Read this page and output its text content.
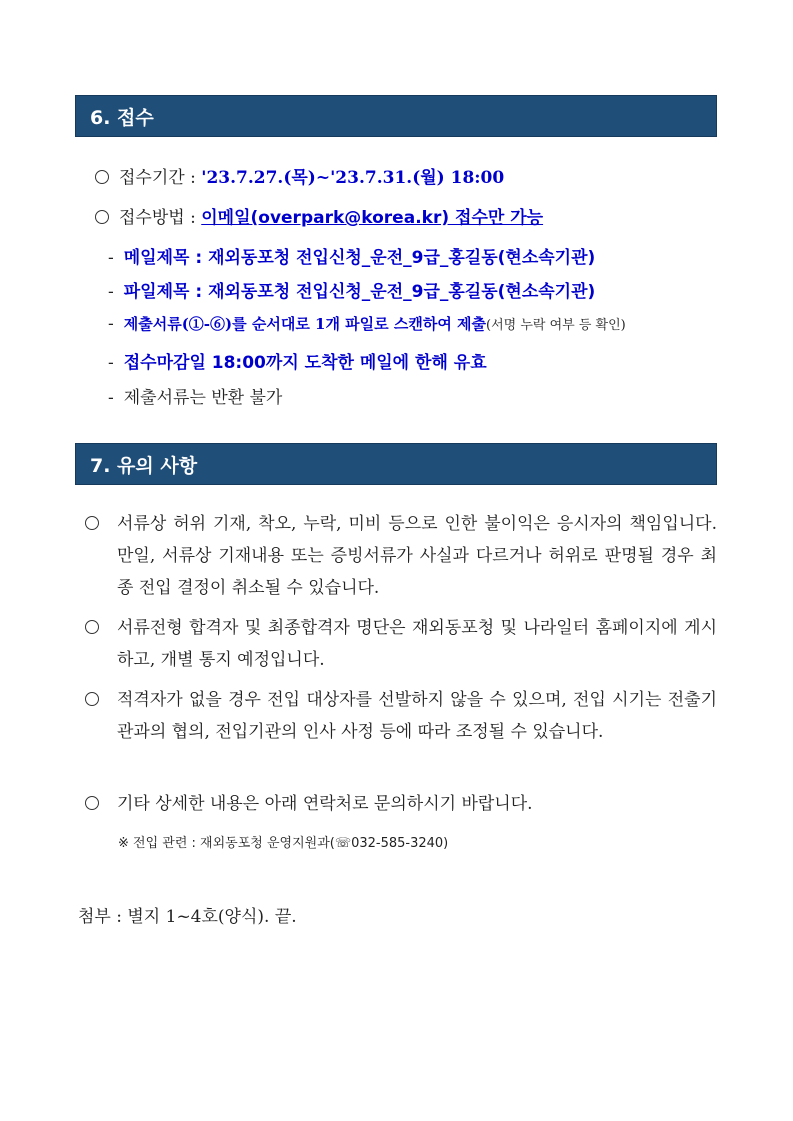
6. 접수
접수기간 : '23.7.27.(목)~'23.7.31.(월) 18:00
접수방법 : 이메일(overpark@korea.kr) 접수만 가능
- 메일제목 : 재외동포청 전입신청_운전_9급_홍길동(현소속기관)
- 파일제목 : 재외동포청 전입신청_운전_9급_홍길동(현소속기관)
- 제출서류(①-⑥)를 순서대로 1개 파일로 스캔하여 제출(서명 누락 여부 등 확인)
- 접수마감일 18:00까지 도착한 메일에 한해 유효
- 제출서류는 반환 불가
7. 유의 사항
서류상 허위 기재, 착오, 누락, 미비 등으로 인한 불이익은 응시자의 책임입니다. 만일, 서류상 기재내용 또는 증빙서류가 사실과 다르거나 허위로 판명될 경우 최종 전입 결정이 취소될 수 있습니다.
서류전형 합격자 및 최종합격자 명단은 재외동포청 및 나라일터 홈페이지에 게시하고, 개별 통지 예정입니다.
적격자가 없을 경우 전입 대상자를 선발하지 않을 수 있으며, 전입 시기는 전출기관과의 협의, 전입기관의 인사 사정 등에 따라 조정될 수 있습니다.
기타 상세한 내용은 아래 연락처로 문의하시기 바랍니다.
※ 전입 관련 : 재외동포청 운영지원과(☏032-585-3240)
첨부 : 별지 1~4호(양식). 끝.
